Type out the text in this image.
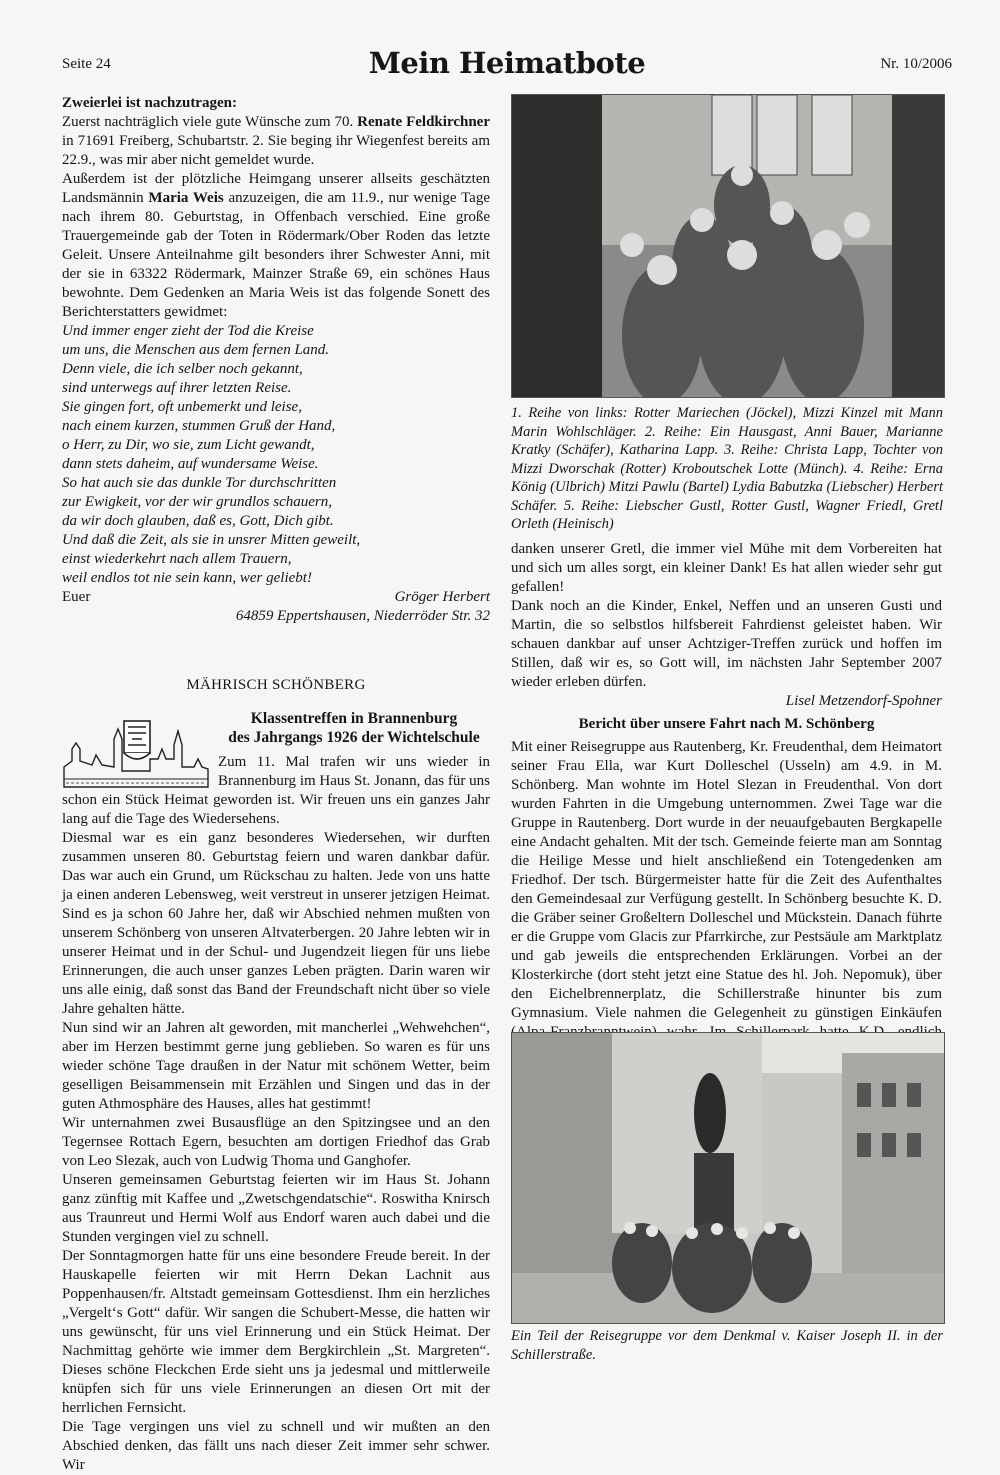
Seite 24	Mein Heimatbote	Nr. 10/2006

Zweierlei ist nachzutragen:

Zuerst nachträglich viele gute Wünsche zum 70. Renate Feldkirchner in 71691 Freiberg, Schubartstr. 2. Sie beging ihr Wiegenfest bereits am 22.9., was mir aber nicht gemeldet wurde.

Außerdem ist der plötzliche Heimgang unserer allseits geschätzten Landsmännin Maria Weis anzuzeigen, die am 11.9., nur wenige Tage nach ihrem 80. Geburtstag, in Offenbach verschied. Eine große Trauergemeinde gab der Toten in Rödermark/Ober Roden das letzte Geleit. Unsere Anteilnahme gilt besonders ihrer Schwester Anni, mit der sie in 63322 Rödermark, Mainzer Straße 69, ein schönes Haus bewohnte. Dem Gedenken an Maria Weis ist das folgende Sonett des Berichterstatters gewidmet:

Und immer enger zieht der Tod die Kreise
um uns, die Menschen aus dem fernen Land.
Denn viele, die ich selber noch gekannt,
sind unterwegs auf ihrer letzten Reise.
Sie gingen fort, oft unbemerkt und leise,
nach einem kurzen, stummen Gruß der Hand,
o Herr, zu Dir, wo sie, zum Licht gewandt,
dann stets daheim, auf wundersame Weise.
So hat auch sie das dunkle Tor durchschritten
zur Ewigkeit, vor der wir grundlos schauern,
da wir doch glauben, daß es, Gott, Dich gibt.
Und daß die Zeit, als sie in unsrer Mitten geweilt,
einst wiederkehrt nach allem Trauern,
weil endlos tot nie sein kann, wer geliebt!
Euer	Gröger Herbert

64859 Eppertshausen, Niederröder Str. 32

MÄHRISCH SCHÖNBERG
Klassentreffen in Brannenburg
des Jahrgangs 1926 der Wichtelschule

Zum 11. Mal trafen wir uns wieder in Brannenburg im Haus St. Jonann, das für uns schon ein Stück Heimat geworden ist. Wir freuen uns ein ganzes Jahr lang auf die Tage des Wiedersehens.

Diesmal war es ein ganz besonderes Wiedersehen, wir durften zusammen unseren 80. Geburtstag feiern und waren dankbar dafür. Das war auch ein Grund, um Rückschau zu halten. Jede von uns hatte ja einen anderen Lebensweg, weit verstreut in unserer jetzigen Heimat. Sind es ja schon 60 Jahre her, daß wir Abschied nehmen mußten von unserem Schönberg von unseren Altvaterbergen. 20 Jahre lebten wir in unserer Heimat und in der Schul- und Jugendzeit liegen für uns liebe Erinnerungen, die auch unser ganzes Leben prägten. Darin waren wir uns alle einig, daß sonst das Band der Freundschaft nicht über so viele Jahre gehalten hätte.

Nun sind wir an Jahren alt geworden, mit mancherlei „Wehwehchen“, aber im Herzen bestimmt gerne jung geblieben. So waren es für uns wieder schöne Tage draußen in der Natur mit schönem Wetter, beim geselligen Beisammensein mit Erzählen und Singen und das in der guten Athmosphäre des Hauses, alles hat gestimmt!

Wir unternahmen zwei Busausflüge an den Spitzingsee und an den Tegernsee Rottach Egern, besuchten am dortigen Friedhof das Grab von Leo Slezak, auch von Ludwig Thoma und Ganghofer.

Unseren gemeinsamen Geburtstag feierten wir im Haus St. Johann ganz zünftig mit Kaffee und „Zwetschgendatschie“. Roswitha Knirsch aus Traunreut und Hermi Wolf aus Endorf waren auch dabei und die Stunden vergingen viel zu schnell.

Der Sonntagmorgen hatte für uns eine besondere Freude bereit. In der Hauskapelle feierten wir mit Herrn Dekan Lachnit aus Poppenhausen/fr. Altstadt gemeinsam Gottesdienst. Ihm ein herzliches „Vergelt‘s Gott“ dafür. Wir sangen die Schubert-Messe, die hatten wir uns gewünscht, für uns viel Erinnerung und ein Stück Heimat. Der Nachmittag gehörte wie immer dem Bergkirchlein „St. Margreten“. Dieses schöne Fleckchen Erde sieht uns ja jedesmal und mittlerweile knüpfen sich für uns viele Erinnerungen an diesen Ort mit der herrlichen Fernsicht.

Die Tage vergingen uns viel zu schnell und wir mußten an den Abschied denken, das fällt uns nach dieser Zeit immer sehr schwer. Wir

1. Reihe von links: Rotter Mariechen (Jöckel), Mizzi Kinzel mit Mann Marin Wohlschläger. 2. Reihe: Ein Hausgast, Anni Bauer, Marianne Kratky (Schäfer), Katharina Lapp. 3. Reihe: Christa Lapp, Tochter von Mizzi Dworschak (Rotter) Kroboutschek Lotte (Münch). 4. Reihe: Erna König (Ulbrich) Mitzi Pawlu (Bartel) Lydia Babutzka (Liebscher) Herbert Schäfer. 5. Reihe: Liebscher Gustl, Rotter Gustl, Wagner Friedl, Gretl Orleth (Heinisch)

danken unserer Gretl, die immer viel Mühe mit dem Vorbereiten hat und sich um alles sorgt, ein kleiner Dank! Es hat allen wieder sehr gut gefallen!

Dank noch an die Kinder, Enkel, Neffen und an unseren Gusti und Martin, die so selbstlos hilfsbereit Fahrdienst geleistet haben. Wir schauen dankbar auf unser Achtziger-Treffen zurück und hoffen im Stillen, daß wir es, so Gott will, im nächsten Jahr September 2007 wieder erleben dürfen.

Lisel Metzendorf-Spohner

Bericht über unsere Fahrt nach M. Schönberg

Mit einer Reisegruppe aus Rautenberg, Kr. Freudenthal, dem Heimatort seiner Frau Ella, war Kurt Dolleschel (Usseln) am 4.9. in M. Schönberg. Man wohnte im Hotel Slezan in Freudenthal. Von dort wurden Fahrten in die Umgebung unternommen. Zwei Tage war die Gruppe in Rautenberg. Dort wurde in der neuaufgebauten Bergkapelle eine Andacht gehalten. Mit der tsch. Gemeinde feierte man am Sonntag die Heilige Messe und hielt anschließend ein Totengedenken am Friedhof. Der tsch. Bürgermeister hatte für die Zeit des Aufenthaltes den Gemeindesaal zur Verfügung gestellt. In Schönberg besuchte K. D. die Gräber seiner Großeltern Dolleschel und Mückstein. Danach führte er die Gruppe vom Glacis zur Pfarrkirche, zur Pestsäule am Marktplatz und gab jeweils die entsprechenden Erklärungen. Vorbei an der Klosterkirche (dort steht jetzt eine Statue des hl. Joh. Nepomuk), über den Eichelbrennerplatz, die Schillerstraße hinunter bis zum Gymnasium. Viele nahmen die Gelegenheit zu günstigen Einkäufen

Ein Teil der Reisegruppe vor dem Denkmal v. Kaiser Joseph II. in der Schillerstraße.
